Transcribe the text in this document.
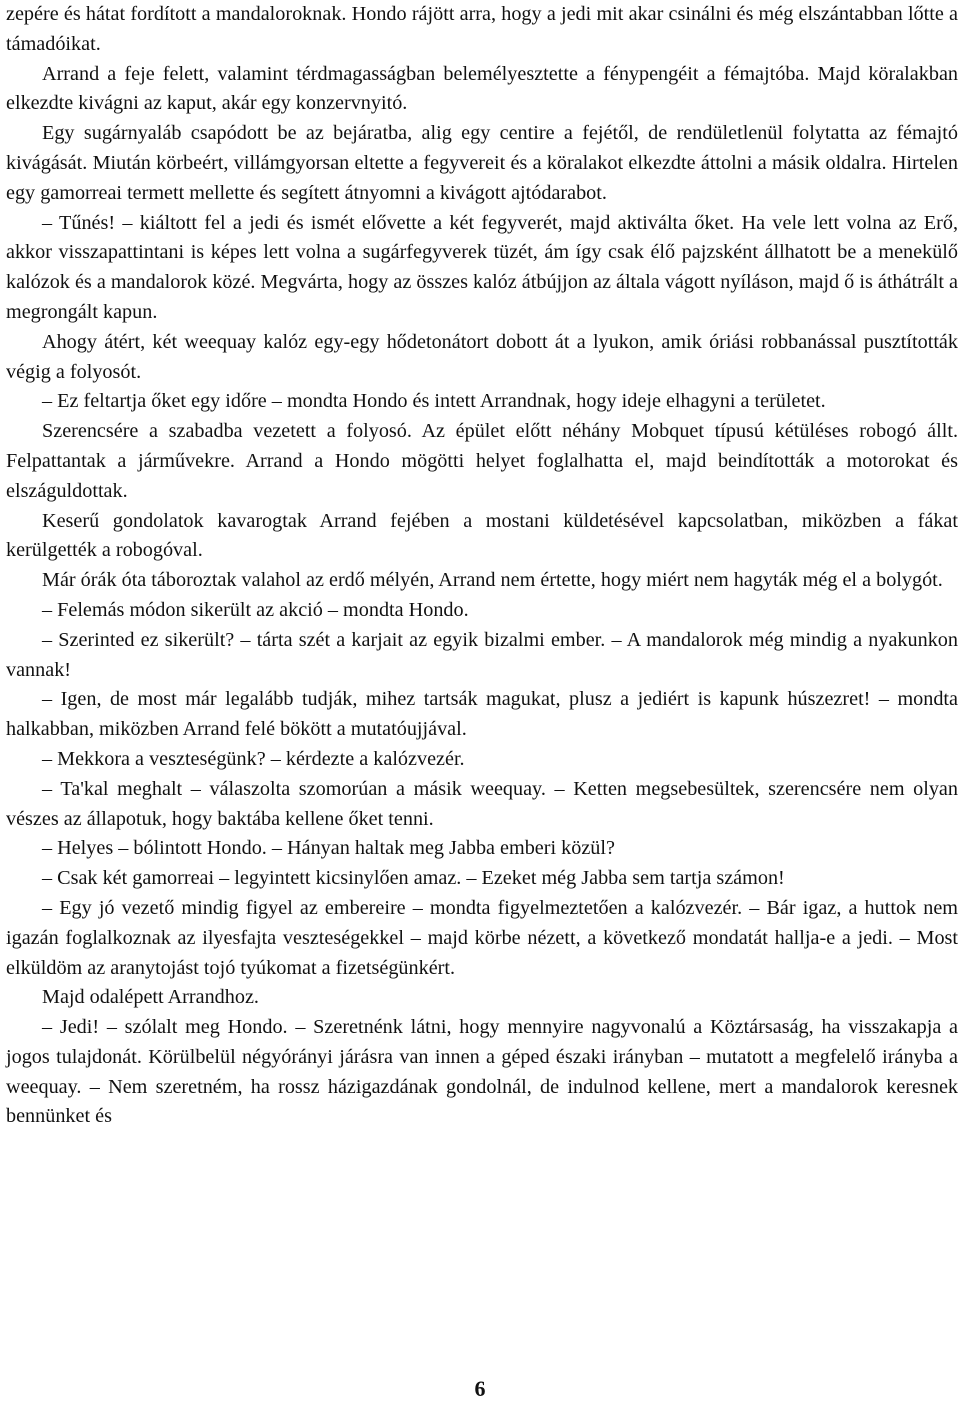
zepére és hátat fordított a mandaloroknak. Hondo rájött arra, hogy a jedi mit akar csinálni és még elszántabban lőtte a támadóikat.

Arrand a feje felett, valamint térdmagasságban belemélyesztette a fénypengéit a fémajtóba. Majd köralakban elkezdte kivágni az kaput, akár egy konzervnyitó.

Egy sugárnyaláb csapódott be az bejáratba, alig egy centire a fejétől, de rendületlenül folytatta az fémajtó kivágását. Miután körbeért, villámgyorsan eltette a fegyvereit és a köralakot elkezdte áttolni a másik oldalra. Hirtelen egy gamorreai termett mellette és segített átnyomni a kivágott ajtódarabot.

– Tűnés! – kiáltott fel a jedi és ismét elővette a két fegyverét, majd aktiválta őket. Ha vele lett volna az Erő, akkor visszapattintani is képes lett volna a sugárfegyverek tüzét, ám így csak élő pajzsként állhatott be a menekülő kalózok és a mandalorok közé. Megvárta, hogy az összes kalóz átbújjon az általa vágott nyíláson, majd ő is áthátrált a megrongált kapun.

Ahogy átért, két weequay kalóz egy-egy hődetonátort dobott át a lyukon, amik óriási robbanással pusztították végig a folyosót.

– Ez feltartja őket egy időre – mondta Hondo és intett Arrandnak, hogy ideje elhagyni a területet.

Szerencsére a szabadba vezetett a folyosó. Az épület előtt néhány Mobquet típusú kétüléses robogó állt. Felpattantak a járművekre. Arrand a Hondo mögötti helyet foglalhatta el, majd beindították a motorokat és elszáguldottak.

Keserű gondolatok kavarogtak Arrand fejében a mostani küldetésével kapcsolatban, miközben a fákat kerülgették a robogóval.

Már órák óta táboroztak valahol az erdő mélyén, Arrand nem értette, hogy miért nem hagyták még el a bolygót.

– Felemás módon sikerült az akció – mondta Hondo.

– Szerinted ez sikerült? – tárta szét a karjait az egyik bizalmi ember. – A mandalorok még mindig a nyakunkon vannak!

– Igen, de most már legalább tudják, mihez tartsák magukat, plusz a jediért is kapunk húszezret! – mondta halkabban, miközben Arrand felé bökött a mutatóujjával.

– Mekkora a veszteségünk? – kérdezte a kalózvezér.

– Ta'kal meghalt – válaszolta szomorúan a másik weequay. – Ketten megsebesültek, szerencsére nem olyan vészes az állapotuk, hogy baktába kellene őket tenni.

– Helyes – bólintott Hondo. – Hányan haltak meg Jabba emberi közül?

– Csak két gamorreai – legyintett kicsinylően amaz. – Ezeket még Jabba sem tartja számon!

– Egy jó vezető mindig figyel az embereire – mondta figyelmeztetően a kalózvezér. – Bár igaz, a huttok nem igazán foglalkoznak az ilyesfajta veszteségekkel – majd körbe nézett, a következő mondatát hallja-e a jedi. – Most elküldöm az aranytojást tojó tyúkomat a fizetségünkért.

Majd odalépett Arrandhoz.

– Jedi! – szólalt meg Hondo. – Szeretnénk látni, hogy mennyire nagyvonalú a Köztársaság, ha visszakapja a jogos tulajdonát. Körülbelül négyórányi járásra van innen a géped északi irányban – mutatott a megfelelő irányba a weequay. – Nem szeretném, ha rossz házigazdának gondolnál, de indulnod kellene, mert a mandalorok keresnek bennünket és

6
